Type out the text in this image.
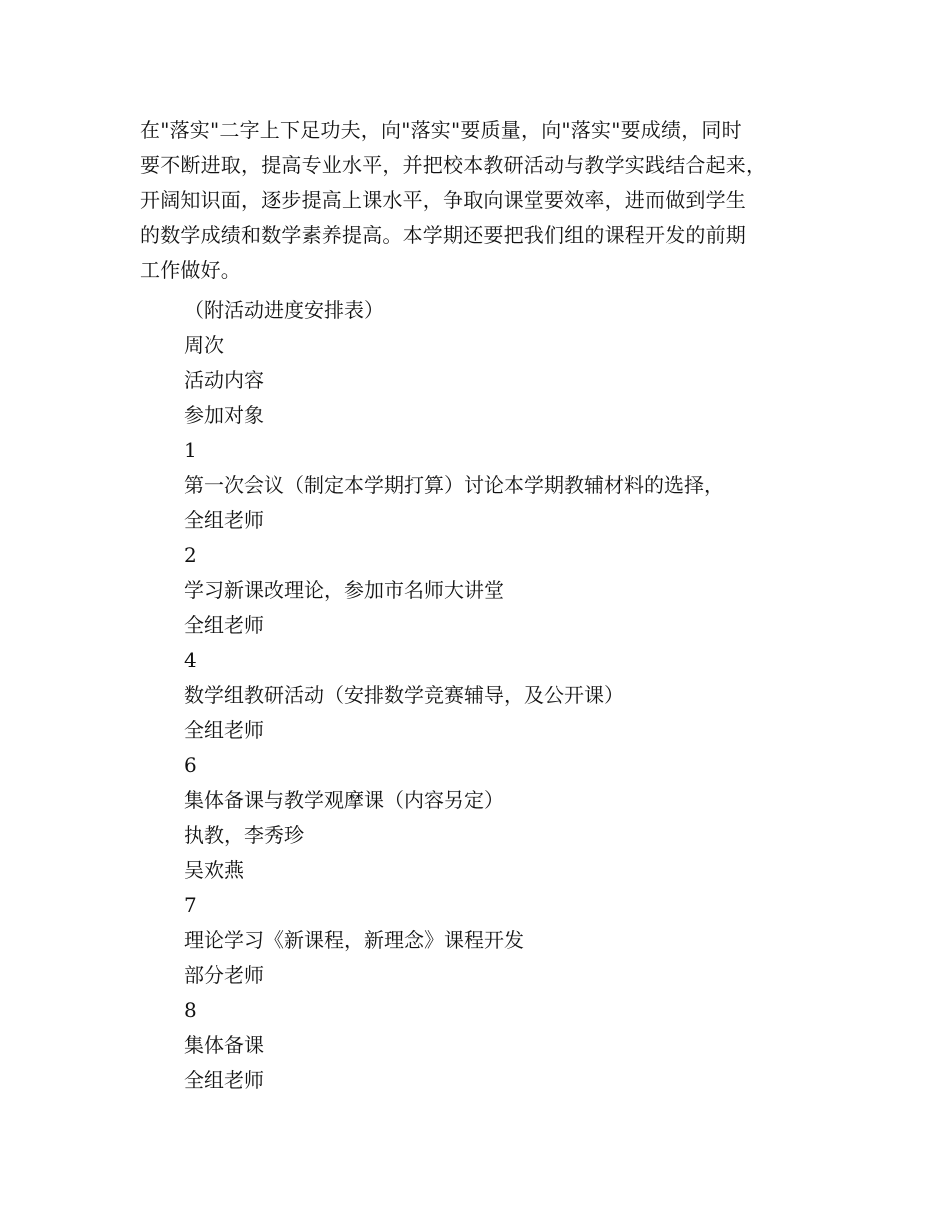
在"落实"二字上下足功夫，向"落实"要质量，向"落实"要成绩，同时
要不断进取，提高专业水平，并把校本教研活动与教学实践结合起来，
开阔知识面，逐步提高上课水平，争取向课堂要效率，进而做到学生
的数学成绩和数学素养提高。本学期还要把我们组的课程开发的前期
工作做好。

（附活动进度安排表）
周次
活动内容
参加对象
1
第一次会议（制定本学期打算）讨论本学期教辅材料的选择，
全组老师
2
学习新课改理论，参加市名师大讲堂
全组老师
4
数学组教研活动（安排数学竞赛辅导，及公开课）
全组老师
6
集体备课与教学观摩课（内容另定）
执教，李秀珍
吴欢燕
7
理论学习《新课程，新理念》课程开发
部分老师
8
集体备课
全组老师
